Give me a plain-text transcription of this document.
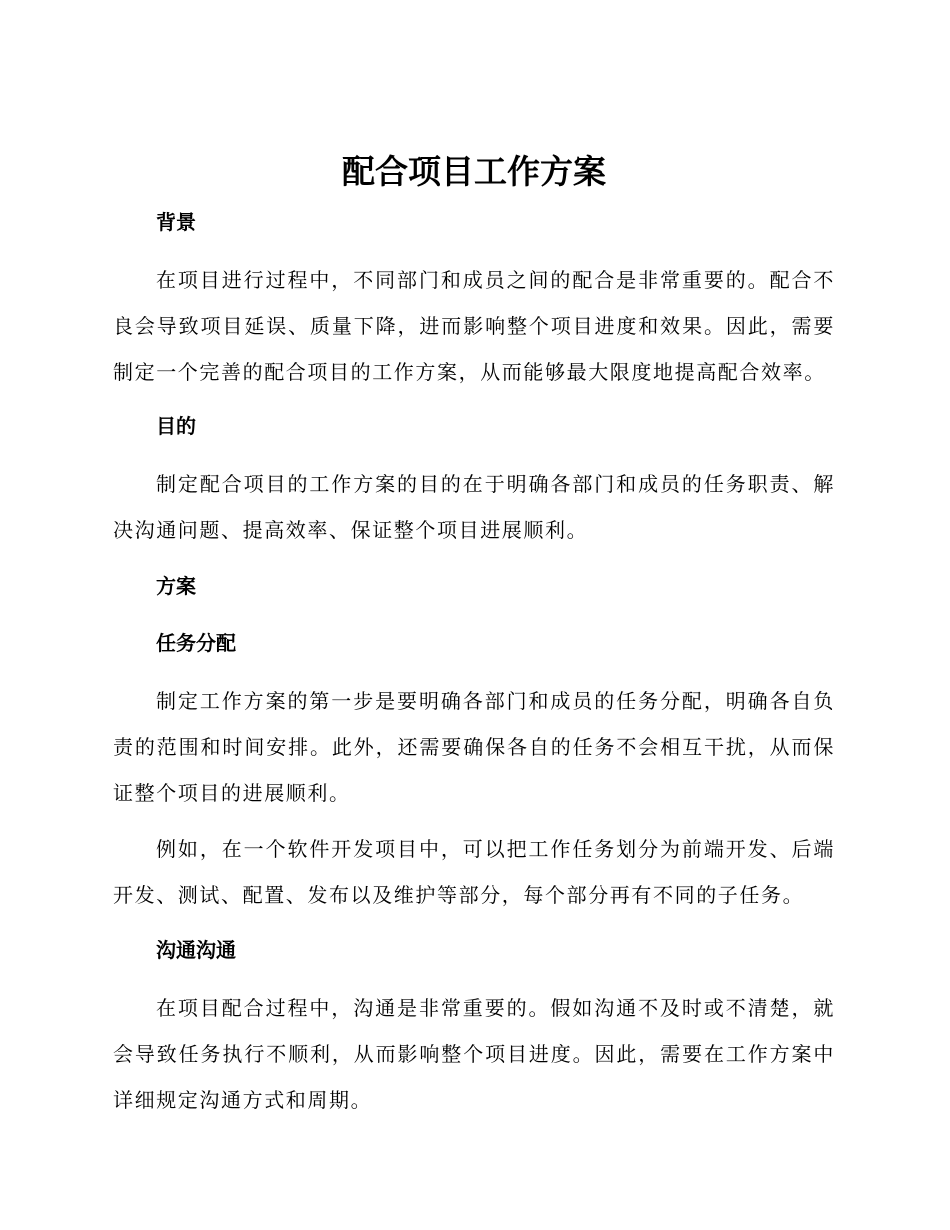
配合项目工作方案
背景

在项目进行过程中，不同部门和成员之间的配合是非常重要的。配合不良会导致项目延误、质量下降，进而影响整个项目进度和效果。因此，需要制定一个完善的配合项目的工作方案，从而能够最大限度地提高配合效率。

目的

制定配合项目的工作方案的目的在于明确各部门和成员的任务职责、解决沟通问题、提高效率、保证整个项目进展顺利。

方案
任务分配

制定工作方案的第一步是要明确各部门和成员的任务分配，明确各自负责的范围和时间安排。此外，还需要确保各自的任务不会相互干扰，从而保证整个项目的进展顺利。

例如，在一个软件开发项目中，可以把工作任务划分为前端开发、后端开发、测试、配置、发布以及维护等部分，每个部分再有不同的子任务。

沟通沟通

在项目配合过程中，沟通是非常重要的。假如沟通不及时或不清楚，就会导致任务执行不顺利，从而影响整个项目进度。因此，需要在工作方案中详细规定沟通方式和周期。
